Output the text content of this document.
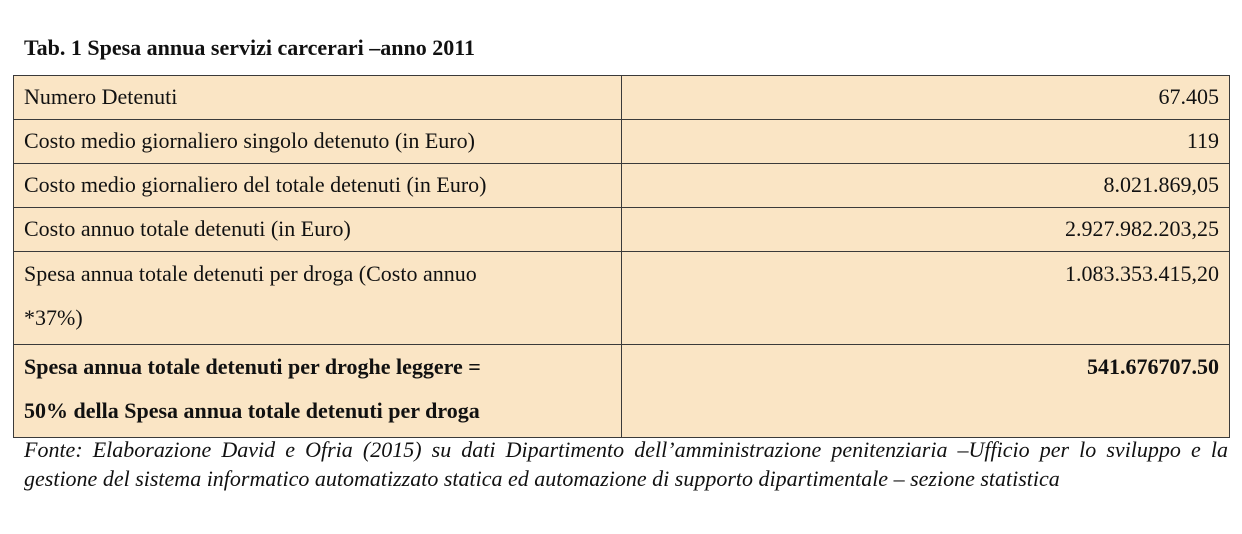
Tab. 1 Spesa annua servizi carcerari –anno 2011
Numero Detenuti	67.405

Costo medio giornaliero singolo detenuto (in Euro)	119

Costo medio giornaliero del totale detenuti (in Euro)	8.021.869,05

Costo annuo totale detenuti (in Euro)	2.927.982.203,25

Spesa annua totale detenuti per droga (Costo annuo
*37%)	1.083.353.415,20

Spesa annua totale detenuti per droghe leggere =
50% della Spesa annua totale detenuti per droga	541.676707.50
Fonte: Elaborazione David e Ofria (2015) su dati Dipartimento dell’amministrazione penitenziaria –Ufficio per lo sviluppo e la gestione del sistema informatico automatizzato statica ed automazione di supporto dipartimentale – sezione statistica
